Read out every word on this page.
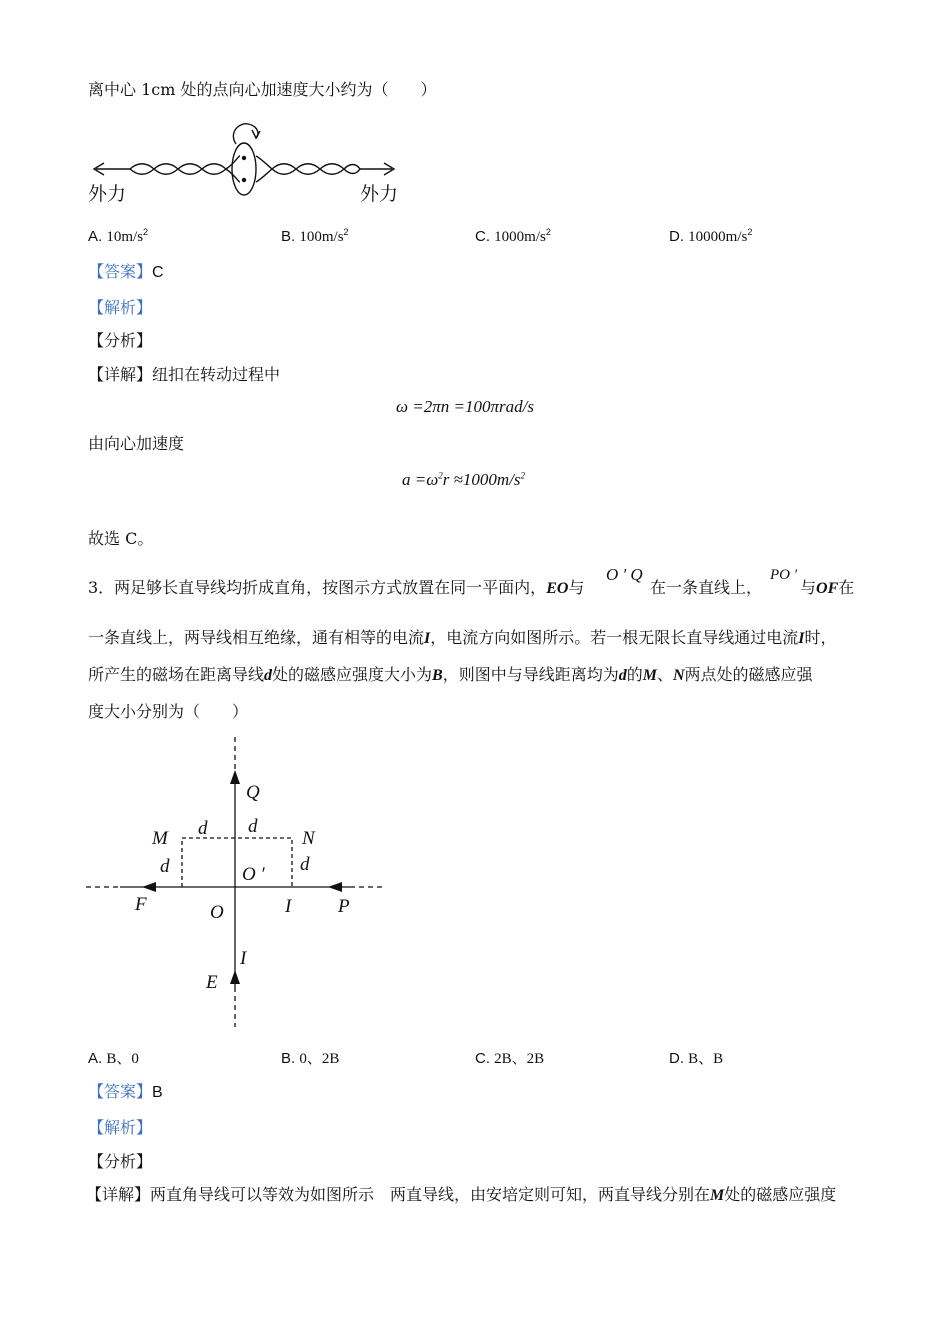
离中心 1cm 处的点向心加速度大小约为（　　）
外力	外力
A. $10m/s^2$	B. $100m/s^2$	C. $1000m/s^2$	D. $10000m/s^2$
【答案】C
【解析】
【分析】
【详解】纽扣在转动过程中
ω =2πn =100πrad/s
由向心加速度
$a =\omega^2r \approx 1000m/s^2$
故选 C。
3．两足够长直导线均折成直角，按图示方式放置在同一平面内，EO与
O ' Q
在一条直线上，
PO '
与OF在
一条直线上，两导线相互绝缘，通有相等的电流I，电流方向如图所示。若一根无限长直导线通过电流I时，
所产生的磁场在距离导线d处的磁感应强度大小为B，则图中与导线距离均为d的M、N两点处的磁感应强
度大小分别为（　　）
Q
M	N
d d
d	d
O ′
F	O	I P
I
E
A. B、0	B. 0、2B	C. 2B、2B	D. B、B
【答案】B
【解析】
【分析】
【详解】两直角导线可以等效为如图所示　两直导线，由安培定则可知，两直导线分别在M处的磁感应强度
